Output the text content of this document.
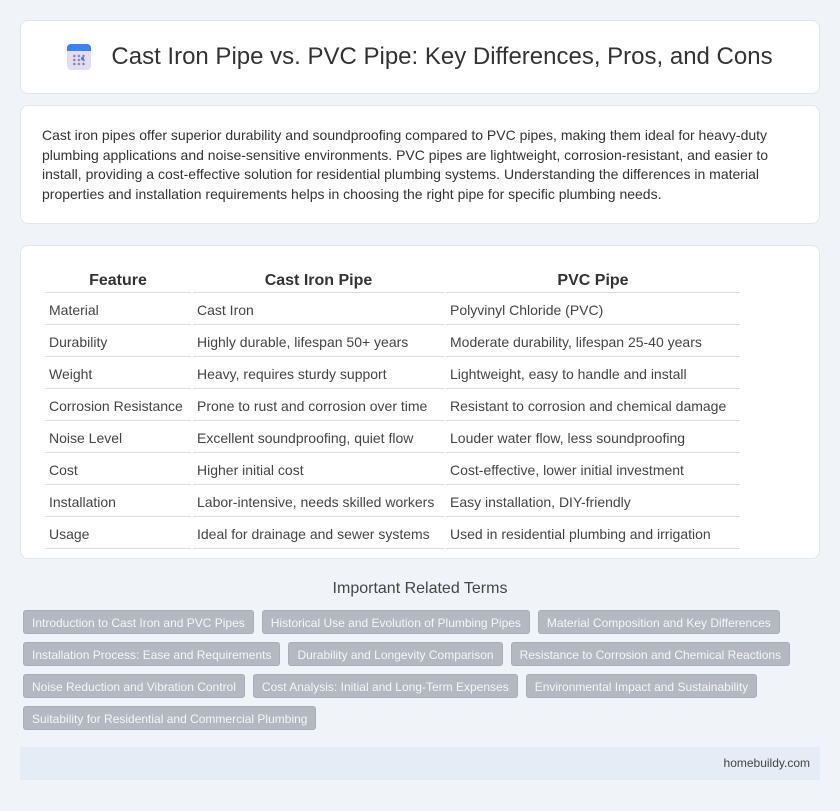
Cast Iron Pipe vs. PVC Pipe: Key Differences, Pros, and Cons

Cast iron pipes offer superior durability and soundproofing compared to PVC pipes, making them ideal for heavy-duty plumbing applications and noise-sensitive environments. PVC pipes are lightweight, corrosion-resistant, and easier to install, providing a cost-effective solution for residential plumbing systems. Understanding the differences in material properties and installation requirements helps in choosing the right pipe for specific plumbing needs.

Feature	Cast Iron Pipe	PVC Pipe
Material	Cast Iron	Polyvinyl Chloride (PVC)
Durability	Highly durable, lifespan 50+ years	Moderate durability, lifespan 25-40 years
Weight	Heavy, requires sturdy support	Lightweight, easy to handle and install
Corrosion Resistance	Prone to rust and corrosion over time	Resistant to corrosion and chemical damage
Noise Level	Excellent soundproofing, quiet flow	Louder water flow, less soundproofing
Cost	Higher initial cost	Cost-effective, lower initial investment
Installation	Labor-intensive, needs skilled workers	Easy installation, DIY-friendly
Usage	Ideal for drainage and sewer systems	Used in residential plumbing and irrigation
Important Related Terms
Introduction to Cast Iron and PVC Pipes	Historical Use and Evolution of Plumbing Pipes	Material Composition and Key Differences
Installation Process: Ease and Requirements	Durability and Longevity Comparison	Resistance to Corrosion and Chemical Reactions
Noise Reduction and Vibration Control	Cost Analysis: Initial and Long-Term Expenses	Environmental Impact and Sustainability
Suitability for Residential and Commercial Plumbing
homebuildy.com
